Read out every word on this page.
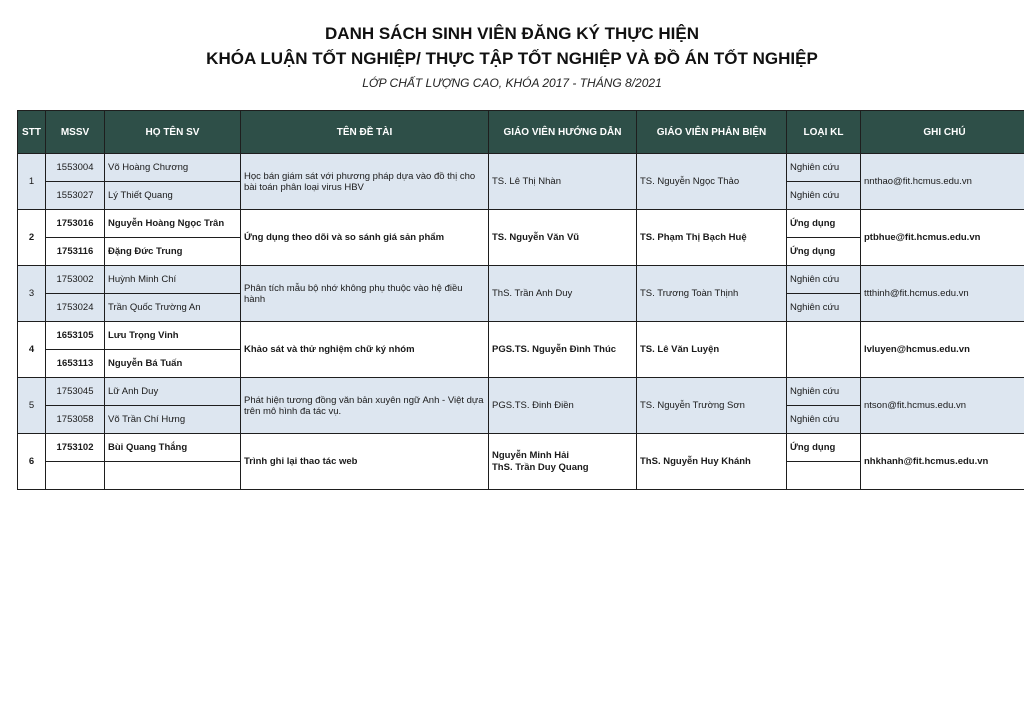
DANH SÁCH SINH VIÊN ĐĂNG KÝ THỰC HIỆN
KHÓA LUẬN TỐT NGHIỆP/ THỰC TẬP TỐT NGHIỆP VÀ ĐỒ ÁN TỐT NGHIỆP
LỚP CHẤT LƯỢNG CAO, KHÓA 2017 - THÁNG 8/2021
STT	MSSV	HỌ TÊN SV	TÊN ĐỀ TÀI	GIÁO VIÊN HƯỚNG DẪN	GIÁO VIÊN PHẢN BIỆN	LOẠI KL	GHI CHÚ
1	1553004	Võ Hoàng Chương	Học bán giám sát với phương pháp dựa vào đồ thị cho bài toán phân loại virus HBV	TS. Lê Thị Nhàn	TS. Nguyễn Ngọc Thảo	Nghiên cứu	nnthao@fit.hcmus.edu.vn
	1553027	Lý Thiết Quang				Nghiên cứu	
2	1753016	Nguyễn Hoàng Ngọc Trân	Ứng dụng theo dõi và so sánh giá sản phẩm	TS. Nguyễn Văn Vũ	TS. Phạm Thị Bạch Huệ	Ứng dụng	ptbhue@fit.hcmus.edu.vn
	1753116	Đặng Đức Trung				Ứng dụng	
3	1753002	Huỳnh Minh Chí	Phân tích mẫu bộ nhớ không phụ thuộc vào hệ điều hành	ThS. Trần Anh Duy	TS. Trương Toàn Thịnh	Nghiên cứu	ttthinh@fit.hcmus.edu.vn
	1753024	Trần Quốc Trường An				Nghiên cứu	
4	1653105	Lưu Trọng Vinh	Khảo sát và thử nghiệm chữ ký nhóm	PGS.TS. Nguyễn Đình Thúc	TS. Lê Văn Luyện		lvluyen@hcmus.edu.vn
	1653113	Nguyễn Bá Tuấn					
5	1753045	Lữ Anh Duy	Phát hiện tương đồng văn bản xuyên ngữ Anh - Việt dựa trên mô hình đa tác vụ.	PGS.TS. Đinh Điền	TS. Nguyễn Trường Sơn	Nghiên cứu	ntson@fit.hcmus.edu.vn
	1753058	Võ Trần Chí Hưng				Nghiên cứu	
6	1753102	Bùi Quang Thắng	Trình ghi lại thao tác web	Nguyễn Minh Hải
ThS. Trần Duy Quang	ThS. Nguyễn Huy Khánh	Ứng dụng	nhkhanh@fit.hcmus.edu.vn
